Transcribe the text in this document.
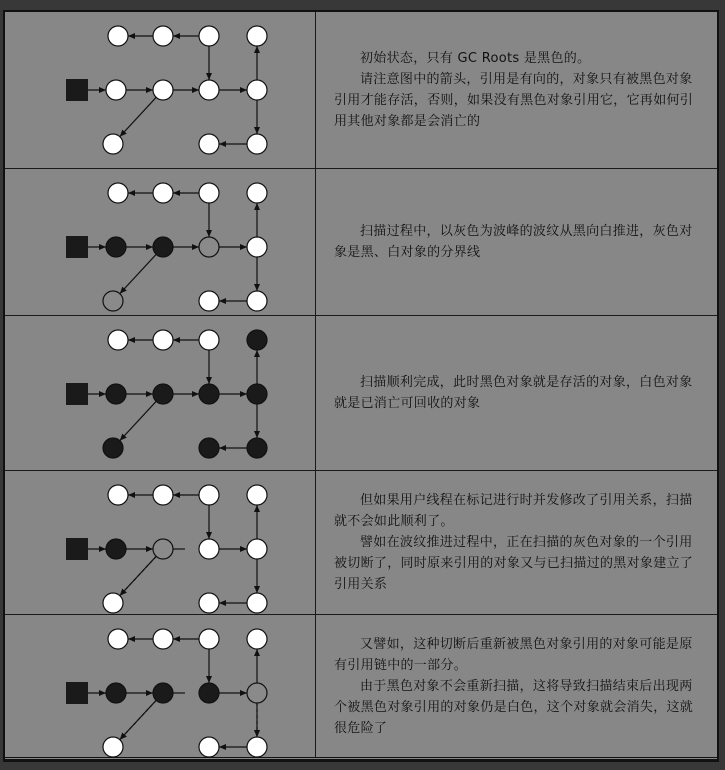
初始状态，只有 GC Roots 是黑色的。

请注意图中的箭头，引用是有向的，对象只有被黑色对象引用才能存活，否则，如果没有黑色对象引用它，它再如何引用其他对象都是会消亡的

扫描过程中，以灰色为波峰的波纹从黑向白推进，灰色对象是黑、白对象的分界线

扫描顺利完成，此时黑色对象就是存活的对象，白色对象就是已消亡可回收的对象

但如果用户线程在标记进行时并发修改了引用关系，扫描就不会如此顺利了。

譬如在波纹推进过程中，正在扫描的灰色对象的一个引用被切断了，同时原来引用的对象又与已扫描过的黑对象建立了引用关系

又譬如，这种切断后重新被黑色对象引用的对象可能是原有引用链中的一部分。

由于黑色对象不会重新扫描，这将导致扫描结束后出现两个被黑色对象引用的对象仍是白色，这个对象就会消失，这就很危险了
